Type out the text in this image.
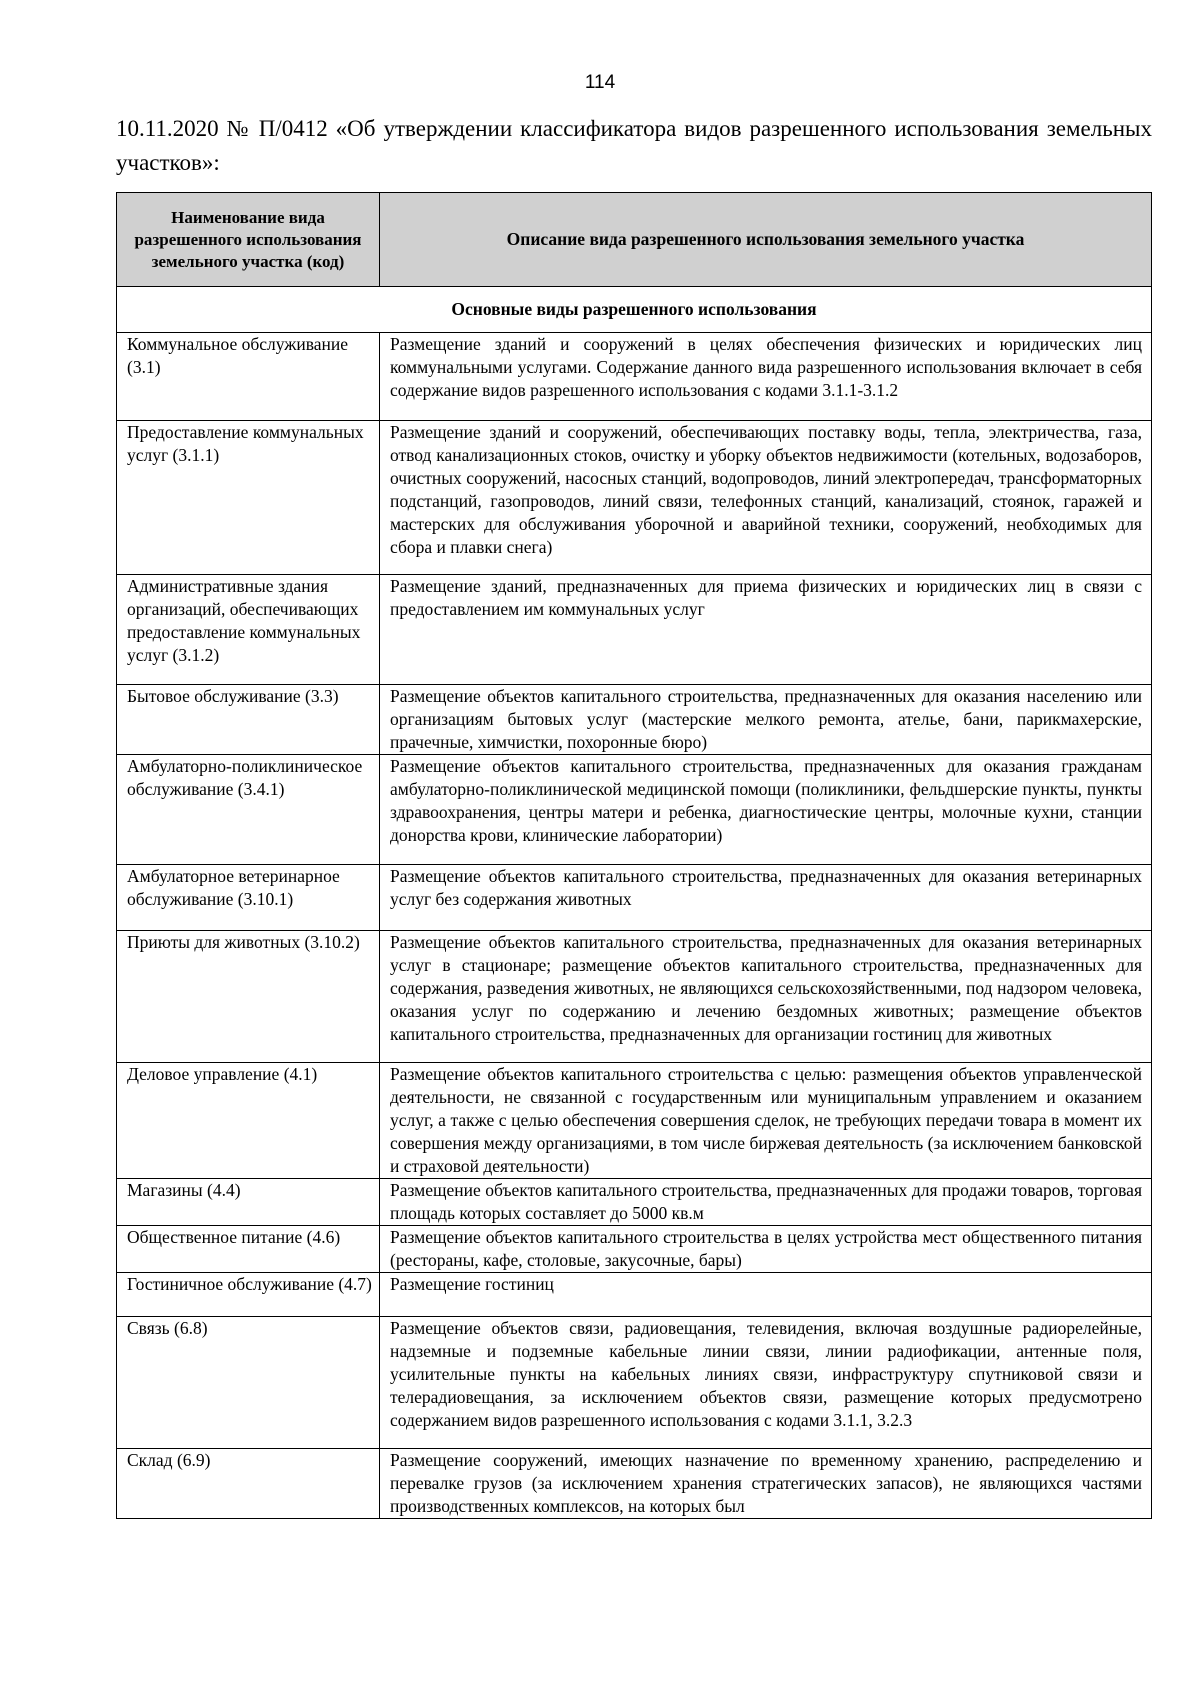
114
10.11.2020 № П/0412 «Об утверждении классификатора видов разрешенного использования земельных участков»:
Наименование вида разрешенного использования земельного участка (код)	Описание вида разрешенного использования земельного участка
Основные виды разрешенного использования	
Коммунальное обслуживание (3.1)	Размещение зданий и сооружений в целях обеспечения физических и юридических лиц коммунальными услугами. Содержание данного вида разрешенного использования включает в себя содержание видов разрешенного использования с кодами 3.1.1-3.1.2
Предоставление коммунальных услуг (3.1.1)	Размещение зданий и сооружений, обеспечивающих поставку воды, тепла, электричества, газа, отвод канализационных стоков, очистку и уборку объектов недвижимости (котельных, водозаборов, очистных сооружений, насосных станций, водопроводов, линий электропередач, трансформаторных подстанций, газопроводов, линий связи, телефонных станций, канализаций, стоянок, гаражей и мастерских для обслуживания уборочной и аварийной техники, сооружений, необходимых для сбора и плавки снега)
Административные здания организаций, обеспечивающих предоставление коммунальных услуг (3.1.2)	Размещение зданий, предназначенных для приема физических и юридических лиц в связи с предоставлением им коммунальных услуг
Бытовое обслуживание (3.3)	Размещение объектов капитального строительства, предназначенных для оказания населению или организациям бытовых услуг (мастерские мелкого ремонта, ателье, бани, парикмахерские, прачечные, химчистки, похоронные бюро)
Амбулаторно-поликлиническое обслуживание (3.4.1)	Размещение объектов капитального строительства, предназначенных для оказания гражданам амбулаторно-поликлинической медицинской помощи (поликлиники, фельдшерские пункты, пункты здравоохранения, центры матери и ребенка, диагностические центры, молочные кухни, станции донорства крови, клинические лаборатории)
Амбулаторное ветеринарное обслуживание (3.10.1)	Размещение объектов капитального строительства, предназначенных для оказания ветеринарных услуг без содержания животных
Приюты для животных (3.10.2)	Размещение объектов капитального строительства, предназначенных для оказания ветеринарных услуг в стационаре; размещение объектов капитального строительства, предназначенных для содержания, разведения животных, не являющихся сельскохозяйственными, под надзором человека, оказания услуг по содержанию и лечению бездомных животных; размещение объектов капитального строительства, предназначенных для организации гостиниц для животных
Деловое управление (4.1)	Размещение объектов капитального строительства с целью: размещения объектов управленческой деятельности, не связанной с государственным или муниципальным управлением и оказанием услуг, а также с целью обеспечения совершения сделок, не требующих передачи товара в момент их совершения между организациями, в том числе биржевая деятельность (за исключением банковской и страховой деятельности)
Магазины (4.4)	Размещение объектов капитального строительства, предназначенных для продажи товаров, торговая площадь которых составляет до 5000 кв.м
Общественное питание (4.6)	Размещение объектов капитального строительства в целях устройства мест общественного питания (рестораны, кафе, столовые, закусочные, бары)
Гостиничное обслуживание (4.7)	Размещение гостиниц
Связь (6.8)	Размещение объектов связи, радиовещания, телевидения, включая воздушные радиорелейные, надземные и подземные кабельные линии связи, линии радиофикации, антенные поля, усилительные пункты на кабельных линиях связи, инфраструктуру спутниковой связи и телерадиовещания, за исключением объектов связи, размещение которых предусмотрено содержанием видов разрешенного использования с кодами 3.1.1, 3.2.3
Склад (6.9)	Размещение сооружений, имеющих назначение по временному хранению, распределению и перевалке грузов (за исключением хранения стратегических запасов), не являющихся частями производственных комплексов, на которых был
